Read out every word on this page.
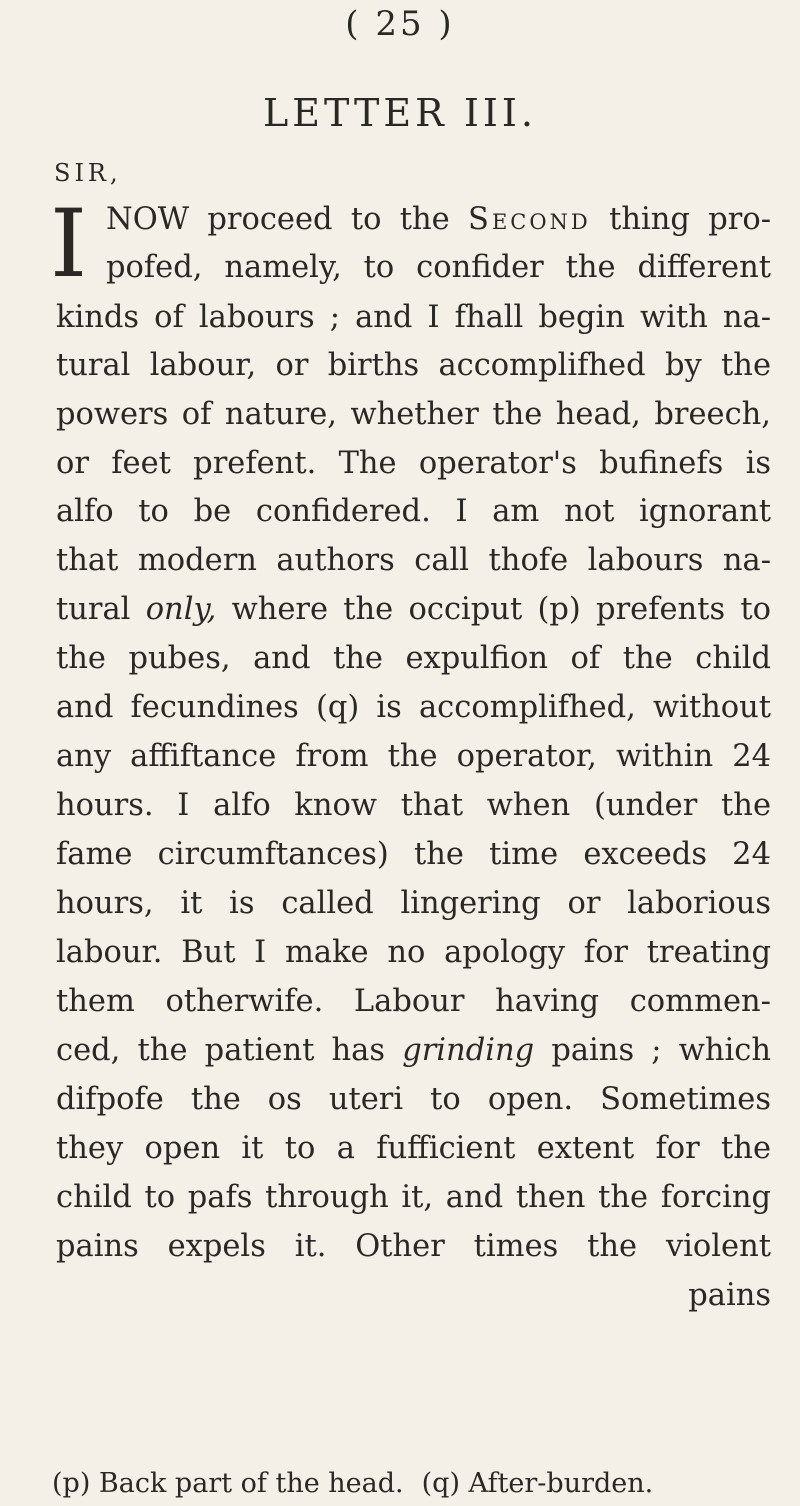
( 25 )
LETTER III.
SIR,
I NOW proceed to the Second thing pro-
pofed, namely, to confider the different
kinds of labours ; and I fhall begin with na-
tural labour, or births accomplifhed by the
powers of nature, whether the head, breech,
or feet prefent. The operator's bufinefs is
alfo to be confidered. I am not ignorant
that modern authors call thofe labours na-
tural only, where the occiput (p) prefents to
the pubes, and the expulfion of the child
and fecundines (q) is accomplifhed, without
any affiftance from the operator, within 24
hours. I alfo know that when (under the
fame circumftances) the time exceeds 24
hours, it is called lingering or laborious
labour. But I make no apology for treating
them otherwife. Labour having commen-
ced, the patient has grinding pains ; which
difpofe the os uteri to open. Sometimes
they open it to a fufficient extent for the
child to pafs through it, and then the forcing
pains expels it. Other times the violent
pains
(p) Back part of the head. (q) After-burden.
